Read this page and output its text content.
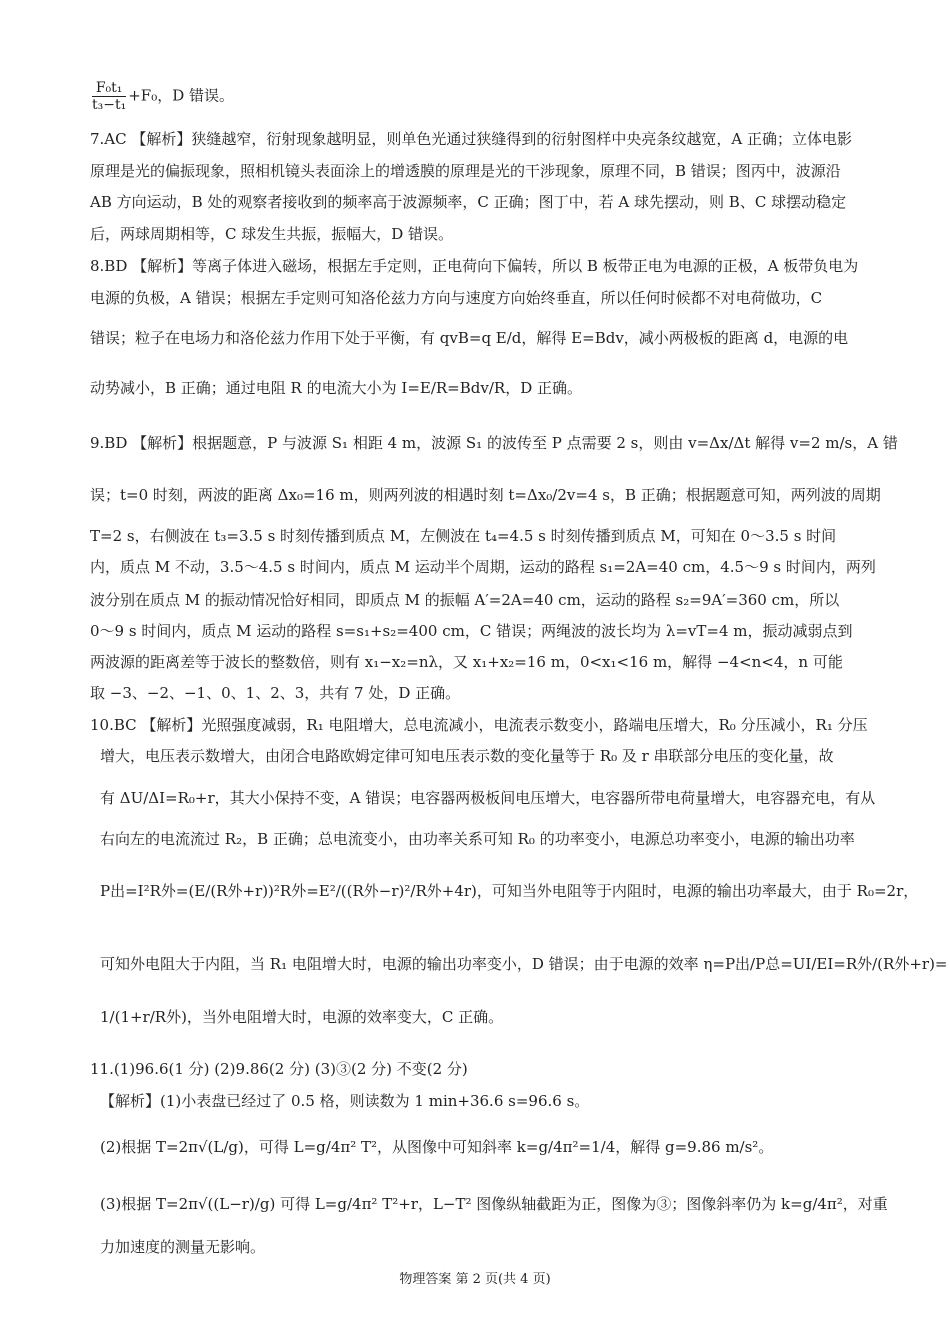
$\frac{\text{F₀t₁}}{\text{t₃−t₁}} +F_0$，D 错误。
7.AC 【解析】狭缝越窄，衍射现象越明显，则单色光通过狭缝得到的衍射图样中央亮条纹越宽，A 正确；立体电影
原理是光的偏振现象，照相机镜头表面涂上的增透膜的原理是光的干涉现象，原理不同，B 错误；图丙中，波源沿
AB 方向运动，B 处的观察者接收到的频率高于波源频率，C 正确；图丁中，若 A 球先摆动，则 B、C 球摆动稳定
后，两球周期相等，C 球发生共振，振幅大，D 错误。
8.BD 【解析】等离子体进入磁场，根据左手定则，正电荷向下偏转，所以 B 板带正电为电源的正极，A 板带负电为
电源的负极，A 错误；根据左手定则可知洛伦兹力方向与速度方向始终垂直，所以任何时候都不对电荷做功，C
错误；粒子在电场力和洛伦兹力作用下处于平衡，有 qvB=q E/d，解得 E=Bdv，减小两极板的距离 d，电源的电
动势减小，B 正确；通过电阻 R 的电流大小为 I=E/R=Bdv/R，D 正确。
9.BD 【解析】根据题意，P 与波源 S₁ 相距 4 m，波源 S₁ 的波传至 P 点需要 2 s，则由 v=Δx/Δt 解得 v=2 m/s，A 错
误；t=0 时刻，两波的距离 Δx₀=16 m，则两列波的相遇时刻 t=Δx₀/2v=4 s，B 正确；根据题意可知，两列波的周期
T=2 s，右侧波在 t₃=3.5 s 时刻传播到质点 M，左侧波在 t₄=4.5 s 时刻传播到质点 M，可知在 0～3.5 s 时间
内，质点 M 不动，3.5～4.5 s 时间内，质点 M 运动半个周期，运动的路程 s₁=2A=40 cm，4.5～9 s 时间内，两列
波分别在质点 M 的振动情况恰好相同，即质点 M 的振幅 A′=2A=40 cm，运动的路程 s₂=9A′=360 cm，所以
0～9 s 时间内，质点 M 运动的路程 s=s₁+s₂=400 cm，C 错误；两绳波的波长均为 λ=vT=4 m，振动减弱点到
两波源的距离差等于波长的整数倍，则有 x₁−x₂=nλ，又 x₁+x₂=16 m，0<x₁<16 m，解得 −4<n<4，n 可能
取 −3、−2、−1、0、1、2、3，共有 7 处，D 正确。
10.BC 【解析】光照强度减弱，R₁ 电阻增大，总电流减小，电流表示数变小，路端电压增大，R₀ 分压减小，R₁ 分压
增大，电压表示数增大，由闭合电路欧姆定律可知电压表示数的变化量等于 R₀ 及 r 串联部分电压的变化量，故
有 ΔU/ΔI=R₀+r，其大小保持不变，A 错误；电容器两极板间电压增大，电容器所带电荷量增大，电容器充电，有从
右向左的电流流过 R₂，B 正确；总电流变小，由功率关系可知 R₀ 的功率变小，电源总功率变小，电源的输出功率
P出=I²R外=(E/(R外+r))²R外=E²/((R外−r)²/R外+4r)，可知当外电阻等于内阻时，电源的输出功率最大，由于 R₀=2r，
可知外电阻大于内阻，当 R₁ 电阻增大时，电源的输出功率变小，D 错误；由于电源的效率 η=P出/P总=UI/EI=R外/(R外+r)=
1/(1+r/R外)，当外电阻增大时，电源的效率变大，C 正确。
11.(1)96.6(1 分) (2)9.86(2 分) (3)③(2 分) 不变(2 分)
【解析】(1)小表盘已经过了 0.5 格，则读数为 1 min+36.6 s=96.6 s。
(2)根据 T=2π√(L/g)，可得 L=g/4π² T²，从图像中可知斜率 k=g/4π²=1/4，解得 g=9.86 m/s²。
(3)根据 T=2π√((L−r)/g) 可得 L=g/4π² T²+r，L−T² 图像纵轴截距为正，图像为③；图像斜率仍为 k=g/4π²，对重
力加速度的测量无影响。
物理答案 第 2 页(共 4 页)
